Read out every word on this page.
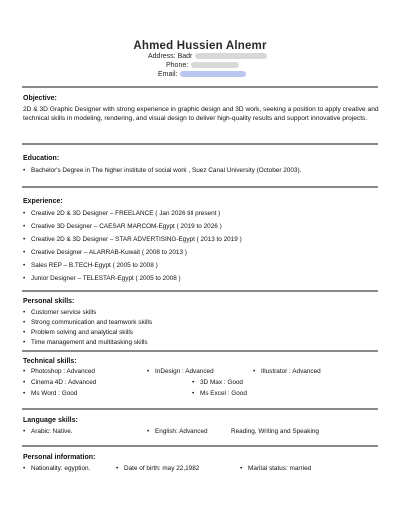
Ahmed Hussien Alnemr
Address: Badr
Phone:
Email:
Objective:
2D & 3D Graphic Designer with strong experience in graphic design and 3D work, seeking a position to apply creative and technical skills in modeling, rendering, and visual design to deliver high-quality results and support innovative projects.
Education:
• Bachelor's Degree in The higher institute of social work , Suez Canal University (October 2003).
Experience:
• Creative 2D & 3D Designer – FREELANCE ( Jan 2026 till present )
• Creative 3D Designer – CAESAR MARCOM-Egypt ( 2019 to 2026 )
• Creative 2D & 3D Designer – STAR ADVERTISING-Egypt ( 2013 to 2019 )
• Creative Designer – ALARRAB-Kuwait ( 2008 to 2013 )
• Sales REP – B.TECH-Egypt ( 2005 to 2008 )
• Junior Designer – TELESTAR-Egypt ( 2005 to 2008 )
Personal skills:
• Customer service skills
• Strong communication and teamwork skills
• Problem solving and analytical skills
• Time management and multitasking skills
Technical skills:
• Photoshop : Advanced	• InDesign : Advanced	• Illustrator : Advanced
• Cinema 4D : Advanced	• 3D Max : Good
• Ms Word : Good	• Ms Excel : Good
Language skills:
• Arabic: Native.	• English: Advanced	Reading, Writing and Speaking
Personal information:
• Nationality: egyption.	• Date of birth: may 22,1982	• Marital status: married
